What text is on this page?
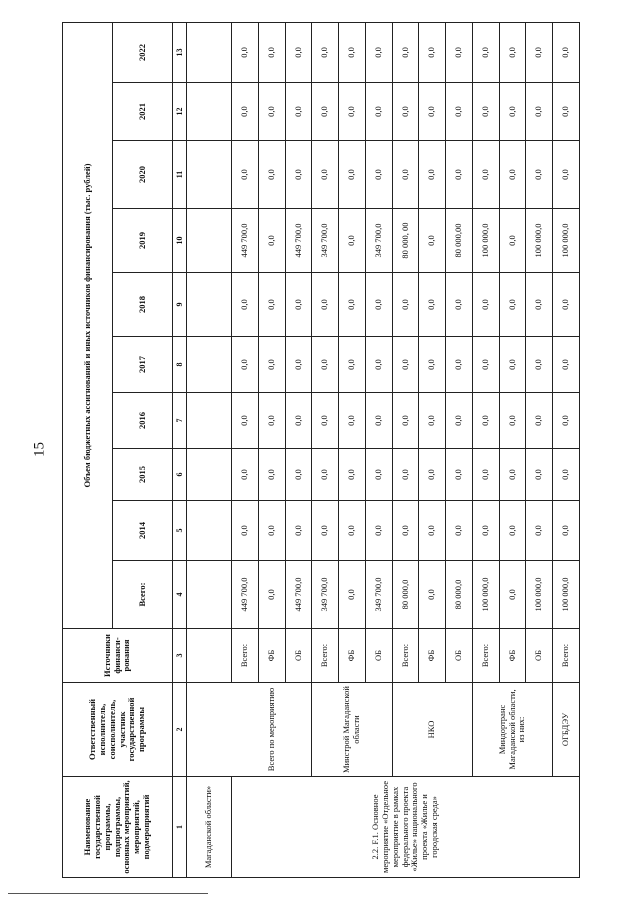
15
Наименование государственной программы, подпрограммы, основных мероприятий, мероприятий, подмероприятий	Ответственный исполнитель, соисполнитель, участник государственной программы	Источники финанси-рования	Объем бюджетных ассигнований и иных источников финансирования (тыс. рублей)									
			Всего:	2014	2015	2016	2017	2018	2019	2020	2021	2022
1	2	3	4	5	6	7	8	9	10	11	12	13
Магаданской области»												
2.2. F.1. Основное мероприятие «Отдельное мероприятие в рамках федерального проекта «Жилье» национального проекта «Жилье и городская среда»	Всего по мероприятию	Всего:	449 700,0	0,0	0,0	0,0	0,0	0,0	449 700,0	0,0	0,0	0,0
		ФБ	0,0	0,0	0,0	0,0	0,0	0,0	0,0	0,0	0,0	0,0
		ОБ	449 700,0	0,0	0,0	0,0	0,0	0,0	449 700,0	0,0	0,0	0,0
	Минстрой Магаданской области	Всего:	349 700,0	0,0	0,0	0,0	0,0	0,0	349 700,0	0,0	0,0	0,0
		ФБ	0,0	0,0	0,0	0,0	0,0	0,0	0,0	0,0	0,0	0,0
		ОБ	349 700,0	0,0	0,0	0,0	0,0	0,0	349 700,0	0,0	0,0	0,0
	НКО	Всего:	80 000,0	0,0	0,0	0,0	0,0	0,0	80 000, 00	0,0	0,0	0,0
		ФБ	0,0	0,0	0,0	0,0	0,0	0,0	0,0	0,0	0,0	0,0
		ОБ	80 000,0	0,0	0,0	0,0	0,0	0,0	80 000,00	0,0	0,0	0,0
	Миндортранс Магаданской области, из них:	Всего:	100 000,0	0,0	0,0	0,0	0,0	0,0	100 000,0	0,0	0,0	0,0
		ФБ	0,0	0,0	0,0	0,0	0,0	0,0	0,0	0,0	0,0	0,0
		ОБ	100 000,0	0,0	0,0	0,0	0,0	0,0	100 000,0	0,0	0,0	0,0
	ОГБДЭУ	Всего:	100 000,0	0,0	0,0	0,0	0,0	0,0	100 000,0	0,0	0,0	0,0
